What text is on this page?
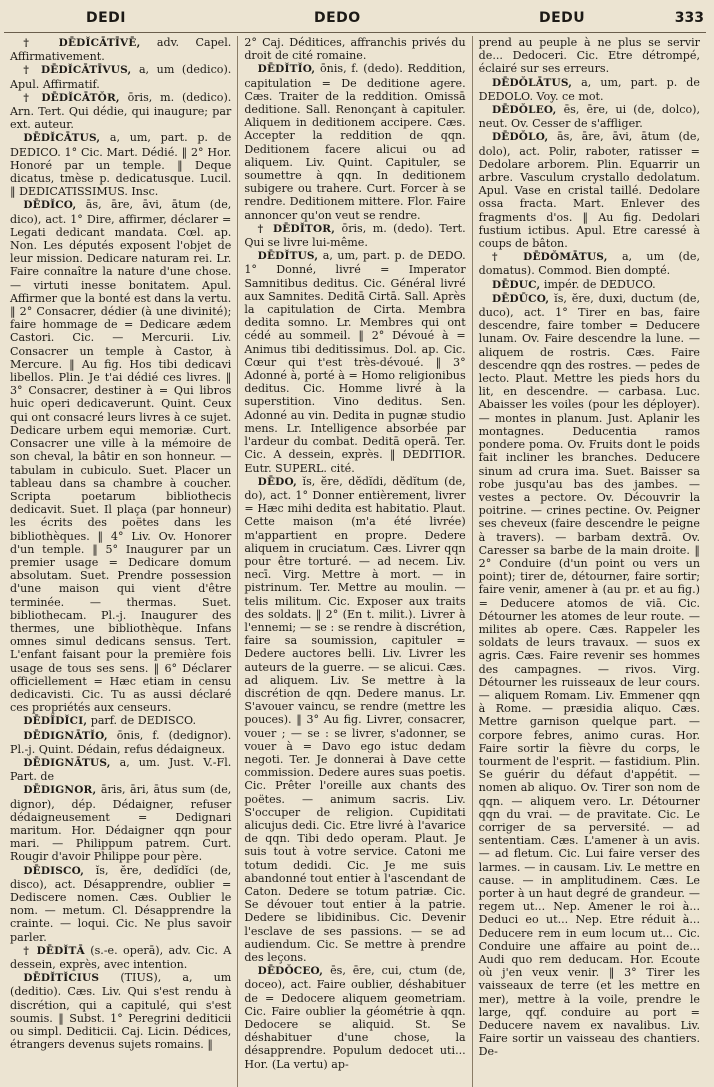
DEDI	DEDO	DEDU	333

† DĒDĬCĀTĪVĒ, adv. Capel. Affirmativement.

† DĒDĬCĀTĪVUS, a, um (dedico). Apul. Affirmatif.

† DĒDĬCĀTŎR, ōris, m. (dedico). Arn. Tert. Qui dédie, qui inaugure; par ext. auteur.

DĒDĬCĀTUS, a, um, part. p. de DEDICO. 1° Cic. Mart. Dédié. ‖ 2° Hor. Honoré par un temple. ‖ Deque dicatus, tmèse p. dedicatusque. Lucil. ‖ DEDICATISSIMUS. Insc.

DĒDĬCO, ās, āre, āvi, ātum (de, dico), act. 1° Dire, affirmer, déclarer = Legati dedicant mandata. Cœl. ap. Non. Les députés exposent l'objet de leur mission. Dedicare naturam rei. Lr. Faire connaître la nature d'une chose. — virtuti inesse bonitatem. Apul. Affirmer que la bonté est dans la vertu. ‖ 2° Consacrer, dédier (à une divinité); faire hommage de = Dedicare ædem Castori. Cic. — Mercurii. Liv. Consacrer un temple à Castor, à Mercure. ‖ Au fig. Hos tibi dedicavi libellos. Plin. Je t'ai dédié ces livres. ‖ 3° Consacrer, destiner à = Qui libros huic operi dedicaverunt. Quint. Ceux qui ont consacré leurs livres à ce sujet. Dedicare urbem equi memoriæ. Curt. Consacrer une ville à la mémoire de son cheval, la bâtir en son honneur. — tabulam in cubiculo. Suet. Placer un tableau dans sa chambre à coucher. Scripta poetarum bibliothecis dedicavit. Suet. Il plaça (par honneur) les écrits des poëtes dans les bibliothèques. ‖ 4° Liv. Ov. Honorer d'un temple. ‖ 5° Inaugurer par un premier usage = Dedicare domum absolutam. Suet. Prendre possession d'une maison qui vient d'être terminée. — thermas. Suet. bibliothecam. Pl.-j. Inaugurer des thermes, une bibliothèque. Infans omnes simul dedicans sensus. Tert. L'enfant faisant pour la première fois usage de tous ses sens. ‖ 6° Déclarer officiellement = Hæc etiam in censu dedicavisti. Cic. Tu as aussi déclaré ces propriétés aux censeurs.

DĒDĬDĬCI, parf. de DEDISCO.

DĒDIGNĀTĬO, ōnis, f. (dedignor). Pl.-j. Quint. Dédain, refus dédaigneux.

DĒDIGNĀTUS, a, um. Just. V.-Fl. Part. de

DĒDIGNOR, āris, āri, ātus sum (de, dignor), dép. Dédaigner, refuser dédaigneusement = Dedignari maritum. Hor. Dédaigner qqn pour mari. — Philippum patrem. Curt. Rougir d'avoir Philippe pour père.

DĒDISCO, ĭs, ĕre, dedĭdĭci (de, disco), act. Désapprendre, oublier = Dediscere nomen. Cæs. Oublier le nom. — metum. Cl. Désapprendre la crainte. — loqui. Cic. Ne plus savoir parler.

† DĒDĬTĀ (s.-e. operā), adv. Cic. A dessein, exprès, avec intention.

DĒDĬTĬCIUS (TIUS), a, um (deditio). Cæs. Liv. Qui s'est rendu à discrétion, qui a capitulé, qui s'est soumis. ‖ Subst. 1° Peregrini dediticii ou simpl. Dediticii. Caj. Licin. Dédices, étrangers devenus sujets romains. ‖

2° Caj. Déditices, affranchis privés du droit de cité romaine.

DĒDĬTĬO, ōnis, f. (dedo). Reddition, capitulation = De deditione agere. Cæs. Traiter de la reddition. Omissā deditione. Sall. Renonçant à capituler. Aliquem in deditionem accipere. Cæs. Accepter la reddition de qqn. Deditionem facere alicui ou ad aliquem. Liv. Quint. Capituler, se soumettre à qqn. In deditionem subigere ou trahere. Curt. Forcer à se rendre. Deditionem mittere. Flor. Faire annoncer qu'on veut se rendre.

† DĒDĬTOR, ōris, m. (dedo). Tert. Qui se livre lui-même.

DĒDĬTUS, a, um, part. p. de DEDO. 1° Donné, livré = Imperator Samnitibus deditus. Cic. Général livré aux Samnites. Deditā Cirtā. Sall. Après la capitulation de Cirta. Membra dedita somno. Lr. Membres qui ont cédé au sommeil. ‖ 2° Dévoué à = Animus tibi deditissimus. Dol. ap. Cic. Cœur qui t'est très-dévoué. ‖ 3° Adonné à, porté à = Homo religionibus deditus. Cic. Homme livré à la superstition. Vino deditus. Sen. Adonné au vin. Dedita in pugnæ studio mens. Lr. Intelligence absorbée par l'ardeur du combat. Deditā operā. Ter. Cic. A dessein, exprès. ‖ DEDITIOR. Eutr. SUPERL. cité.

DĒDO, ĭs, ĕre, dĕdĭdi, dĕdĭtum (de, do), act. 1° Donner entièrement, livrer = Hæc mihi dedita est habitatio. Plaut. Cette maison (m'a été livrée) m'appartient en propre. Dedere aliquem in cruciatum. Cæs. Livrer qqn pour être torturé. — ad necem. Liv. necī. Virg. Mettre à mort. — in pistrinum. Ter. Mettre au moulin. — telis militum. Cic. Exposer aux traits des soldats. ‖ 2° (En t. milit.). Livrer à l'ennemi; — se : se rendre à discrétion, faire sa soumission, capituler = Dedere auctores belli. Liv. Livrer les auteurs de la guerre. — se alicui. Cæs. ad aliquem. Liv. Se mettre à la discrétion de qqn. Dedere manus. Lr. S'avouer vaincu, se rendre (mettre les pouces). ‖ 3° Au fig. Livrer, consacrer, vouer ; — se : se livrer, s'adonner, se vouer à = Davo ego istuc dedam negoti. Ter. Je donnerai à Dave cette commission. Dedere aures suas poetis. Cic. Prêter l'oreille aux chants des poëtes. — animum sacris. Liv. S'occuper de religion. Cupiditati alicujus dedi. Cic. Etre livré à l'avarice de qqn. Tibi dedo operam. Plaut. Je suis tout à votre service. Catoni me totum dedidi. Cic. Je me suis abandonné tout entier à l'ascendant de Caton. Dedere se totum patriæ. Cic. Se dévouer tout entier à la patrie. Dedere se libidinibus. Cic. Devenir l'esclave de ses passions. — se ad audiendum. Cic. Se mettre à prendre des leçons.

DĒDŎCEO, ēs, ēre, cui, ctum (de, doceo), act. Faire oublier, déshabituer de = Dedocere aliquem geometriam. Cic. Faire oublier la géométrie à qqn. Dedocere se aliquid. St. Se déshabituer d'une chose, la désapprendre. Populum dedocet uti... Hor. (La vertu) ap-

prend au peuple à ne plus se servir de... Dedoceri. Cic. Etre détrompé, éclairé sur ses erreurs.

DĒDŎLĀTUS, a, um, part. p. de DEDOLO. Voy. ce mot.

DĒDŎLEO, ēs, ēre, ui (de, dolco), neut. Ov. Cesser de s'affliger.

DĒDŎLO, ās, āre, āvi, ātum (de, dolo), act. Polir, raboter, ratisser = Dedolare arborem. Plin. Equarrir un arbre. Vasculum crystallo dedolatum. Apul. Vase en cristal taillé. Dedolare ossa fracta. Mart. Enlever des fragments d'os. ‖ Au fig. Dedolari fustium ictibus. Apul. Etre caressé à coups de bâton.

† DĒDŎMĀTUS, a, um (de, domatus). Commod. Bien dompté.

DĒDUC, impér. de DEDUCO.

DĒDŪCO, ĭs, ĕre, duxi, ductum (de, duco), act. 1° Tirer en bas, faire descendre, faire tomber = Deducere lunam. Ov. Faire descendre la lune. — aliquem de rostris. Cæs. Faire descendre qqn des rostres. — pedes de lecto. Plaut. Mettre les pieds hors du lit, en descendre. — carbasa. Luc. Abaisser les voiles (pour les déployer). — montes in planum. Just. Aplanir les montagnes. Deducentia ramos pondere poma. Ov. Fruits dont le poids fait incliner les branches. Deducere sinum ad crura ima. Suet. Baisser sa robe jusqu'au bas des jambes. — vestes a pectore. Ov. Découvrir la poitrine. — crines pectine. Ov. Peigner ses cheveux (faire descendre le peigne à travers). — barbam dextrā. Ov. Caresser sa barbe de la main droite. ‖ 2° Conduire (d'un point ou vers un point); tirer de, détourner, faire sortir; faire venir, amener à (au pr. et au fig.) = Deducere atomos de viā. Cic. Détourner les atomes de leur route. — milites ab opere. Cæs. Rappeler les soldats de leurs travaux. — suos ex agris. Cæs. Faire revenir ses hommes des campagnes. — rivos. Virg. Détourner les ruisseaux de leur cours. — aliquem Romam. Liv. Emmener qqn à Rome. — præsidia aliquo. Cæs. Mettre garnison quelque part. — corpore febres, animo curas. Hor. Faire sortir la fièvre du corps, le tourment de l'esprit. — fastidium. Plin. Se guérir du défaut d'appétit. — nomen ab aliquo. Ov. Tirer son nom de qqn. — aliquem vero. Lr. Détourner qqn du vrai. — de pravitate. Cic. Le corriger de sa perversité. — ad sententiam. Cæs. L'amener à un avis. — ad fletum. Cic. Lui faire verser des larmes. — in causam. Liv. Le mettre en cause. — in amplitudinem. Cæs. Le porter à un haut degré de grandeur. — regem ut... Nep. Amener le roi à... Deduci eo ut... Nep. Etre réduit à... Deducere rem in eum locum ut... Cic. Conduire une affaire au point de... Audi quo rem deducam. Hor. Ecoute où j'en veux venir. ‖ 3° Tirer les vaisseaux de terre (et les mettre en mer), mettre à la voile, prendre le large, qqf. conduire au port = Deducere navem ex navalibus. Liv. Faire sortir un vaisseau des chantiers. De-
